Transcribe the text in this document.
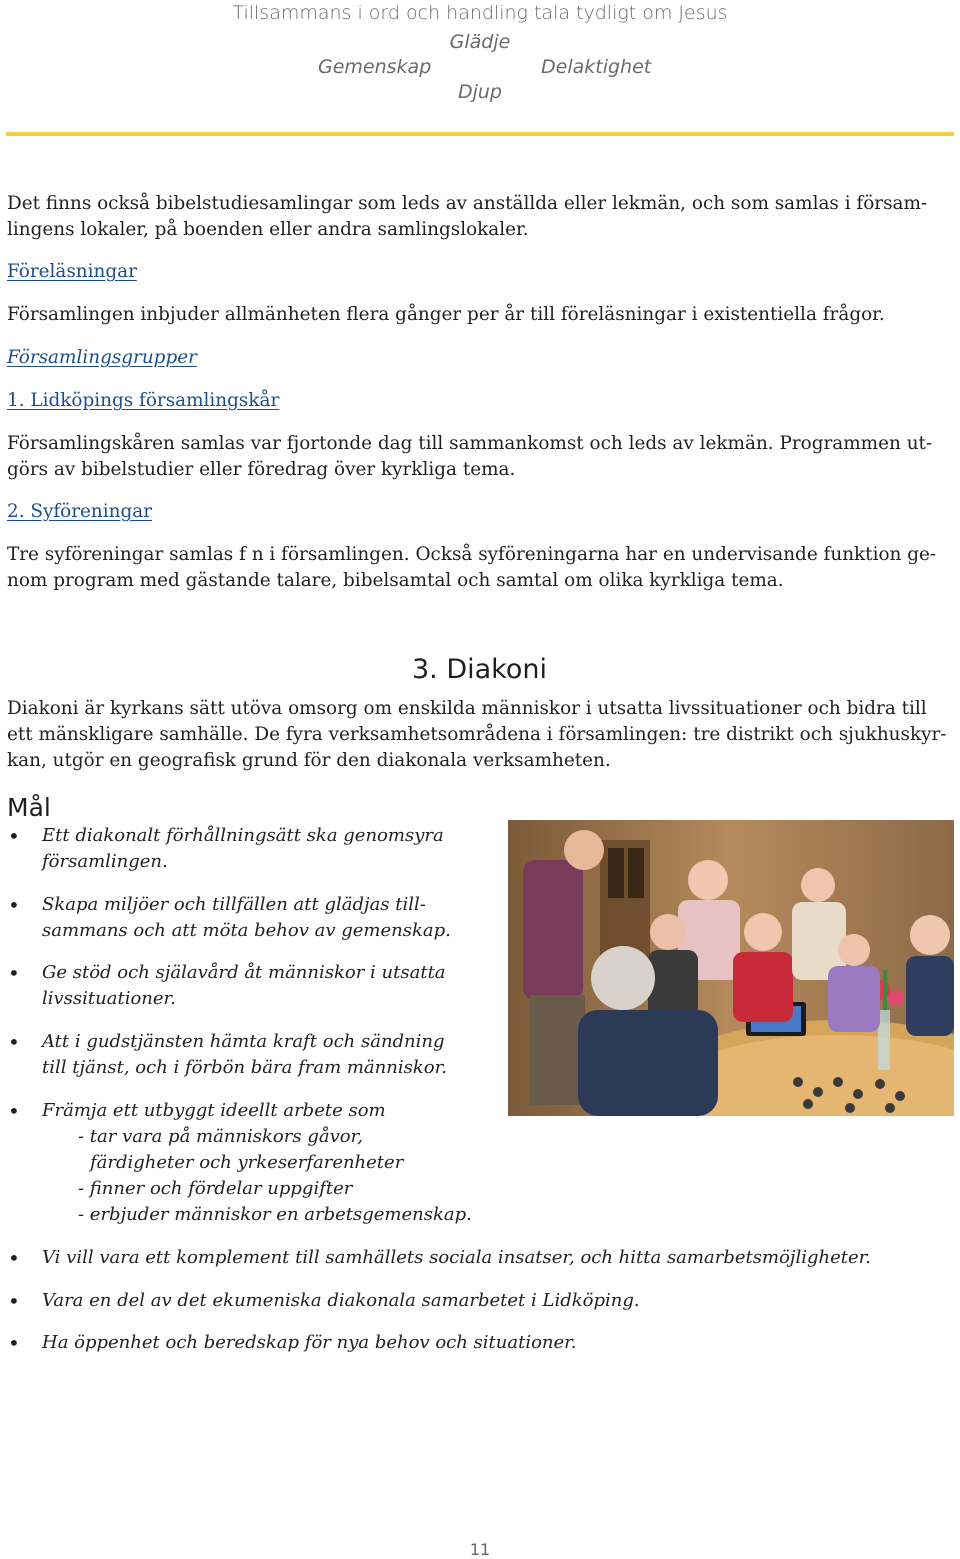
Tillsammans i ord och handling tala tydligt om Jesus
Glädje
Gemenskap	Delaktighet
Djup
Det finns också bibelstudiesamlingar som leds av anställda eller lekmän, och som samlas i försam-
lingens lokaler, på boenden eller andra samlingslokaler.
Föreläsningar
Församlingen inbjuder allmänheten flera gånger per år till föreläsningar i existentiella frågor.
Församlingsgrupper
1. Lidköpings församlingskår
Församlingskåren samlas var fjortonde dag till sammankomst och leds av lekmän. Programmen ut-
görs av bibelstudier eller föredrag över kyrkliga tema.
2. Syföreningar
Tre syföreningar samlas f n i församlingen. Också syföreningarna har en undervisande funktion ge-
nom program med gästande talare, bibelsamtal och samtal om olika kyrkliga tema.
3. Diakoni
Diakoni är kyrkans sätt utöva omsorg om enskilda människor i utsatta livssituationer och bidra till
ett mänskligare samhälle. De fyra verksamhetsområdena i församlingen: tre distrikt och sjukhuskyr-
kan, utgör en geografisk grund för den diakonala verksamheten.
Mål
• Ett diakonalt förhållningsätt ska genomsyra
församlingen.
• Skapa miljöer och tillfällen att glädjas till-
sammans och att möta behov av gemenskap.
• Ge stöd och själavård åt människor i utsatta
livssituationer.
• Att i gudstjänsten hämta kraft och sändning
till tjänst, och i förbön bära fram människor.
• Främja ett utbyggt ideellt arbete som
- tar vara på människors gåvor,
färdigheter och yrkeserfarenheter
- finner och fördelar uppgifter
- erbjuder människor en arbetsgemenskap.
• Vi vill vara ett komplement till samhällets sociala insatser, och hitta samarbetsmöjligheter.
• Vara en del av det ekumeniska diakonala samarbetet i Lidköping.
• Ha öppenhet och beredskap för nya behov och situationer.
11
